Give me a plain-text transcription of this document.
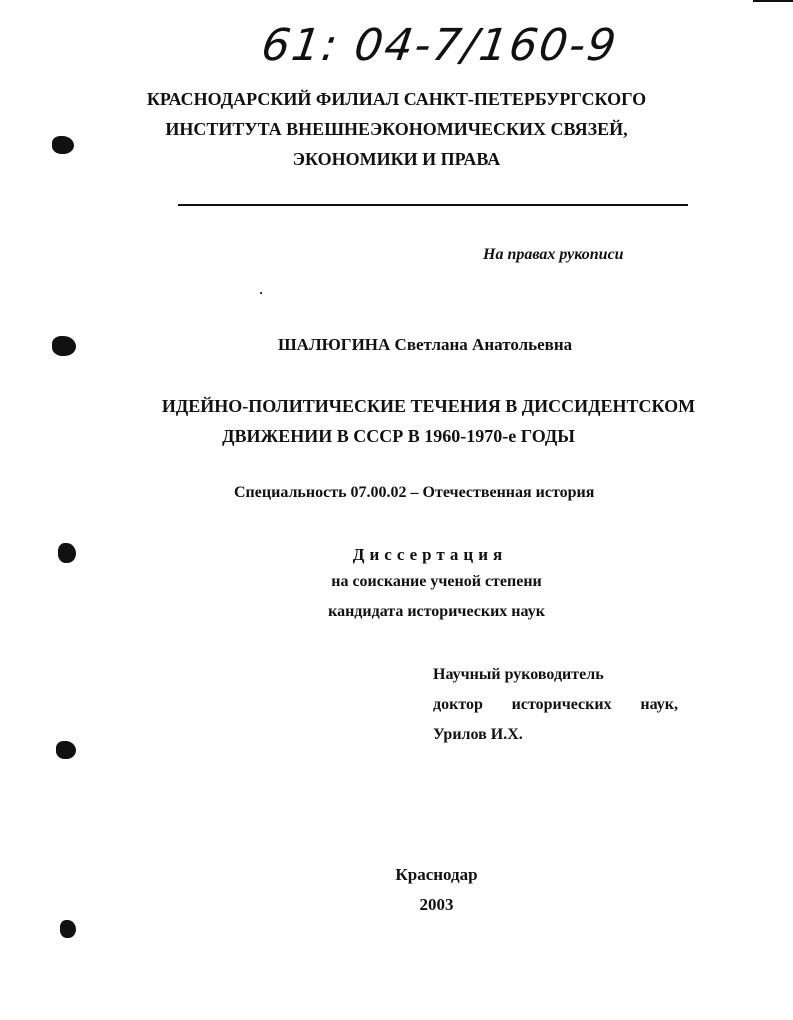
61: 04-7/160-9
КРАСНОДАРСКИЙ ФИЛИАЛ САНКТ-ПЕТЕРБУРГСКОГО
ИНСТИТУТА ВНЕШНЕЭКОНОМИЧЕСКИХ СВЯЗЕЙ,
ЭКОНОМИКИ И ПРАВА
На правах рукописи
ШАЛЮГИНА Светлана Анатольевна
ИДЕЙНО-ПОЛИТИЧЕСКИЕ ТЕЧЕНИЯ В ДИССИДЕНТСКОМ
ДВИЖЕНИИ В СССР В 1960-1970-е ГОДЫ
Специальность 07.00.02 – Отечественная история
Диссертация
на соискание ученой степени
кандидата исторических наук
Научный руководитель
доктор исторических наук,
Урилов И.Х.
Краснодар
2003
